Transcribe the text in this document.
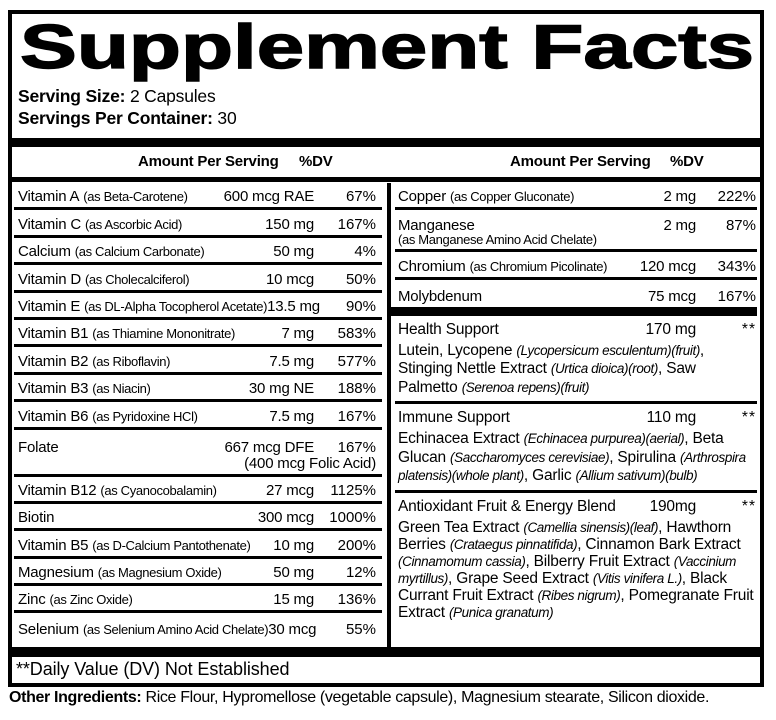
Supplement Facts
Serving Size: 2 Capsules
Servings Per Container: 30
Amount Per Serving %DV	Amount Per Serving %DV
Vitamin A (as Beta-Carotene) 600 mcg RAE	67%
Vitamin C (as Ascorbic Acid)	150 mg	167%
Calcium (as Calcium Carbonate)	50 mg	4%
Vitamin D (as Cholecalciferol)	10 mcg	50%
Vitamin E (as DL-Alpha Tocopherol Acetate) 13.5 mg	90%
Vitamin B1 (as Thiamine Mononitrate)	7 mg	583%
Vitamin B2 (as Riboflavin)	7.5 mg	577%
Vitamin B3 (as Niacin)	30 mg NE	188%
Vitamin B6 (as Pyridoxine HCl)	7.5 mg	167%
Folate	667 mcg DFE	167%
(400 mcg Folic Acid)
Vitamin B12 (as Cyanocobalamin)	27 mcg	1125%
Biotin	300 mcg	1000%
Vitamin B5 (as D-Calcium Pantothenate) 10 mg	200%
Magnesium (as Magnesium Oxide)	50 mg	12%
Zinc (as Zinc Oxide)	15 mg	136%
Selenium (as Selenium Amino Acid Chelate) 30 mcg	55%
Copper (as Copper Gluconate)	2 mg	222%
Manganese	2 mg	87%
(as Manganese Amino Acid Chelate)
Chromium (as Chromium Picolinate) 120 mcg	343%
Molybdenum	75 mcg	167%
Health Support	170 mg	**
Lutein, Lycopene (Lycopersicum esculentum)(fruit), Stinging Nettle Extract (Urtica dioica)(root), Saw Palmetto (Serenoa repens)(fruit)
Immune Support	110 mg	**
Echinacea Extract (Echinacea purpurea)(aerial), Beta Glucan (Saccharomyces cerevisiae), Spirulina (Arthrospira platensis)(whole plant), Garlic (Allium sativum)(bulb)
Antioxidant Fruit & Energy Blend 190mg	**
Green Tea Extract (Camellia sinensis)(leaf), Hawthorn Berries (Crataegus pinnatifida), Cinnamon Bark Extract (Cinnamomum cassia), Bilberry Fruit Extract (Vaccinium myrtillus), Grape Seed Extract (Vitis vinifera L.), Black Currant Fruit Extract (Ribes nigrum), Pomegranate Fruit Extract (Punica granatum)
**Daily Value (DV) Not Established
Other Ingredients: Rice Flour, Hypromellose (vegetable capsule), Magnesium stearate, Silicon dioxide.
